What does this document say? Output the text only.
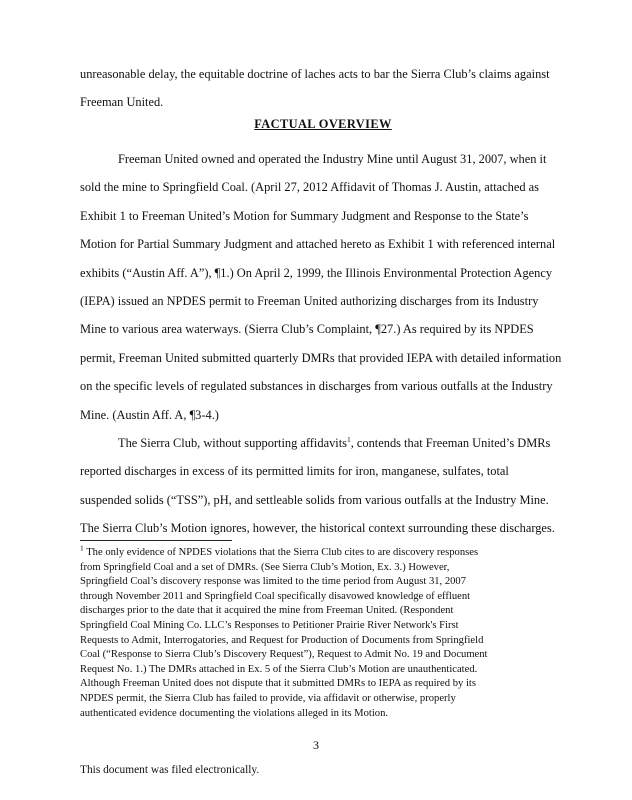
unreasonable delay, the equitable doctrine of laches acts to bar the Sierra Club’s claims against
Freeman United.
FACTUAL OVERVIEW
Freeman United owned and operated the Industry Mine until August 31, 2007, when it
sold the mine to Springfield Coal. (April 27, 2012 Affidavit of Thomas J. Austin, attached as
Exhibit 1 to Freeman United’s Motion for Summary Judgment and Response to the State’s
Motion for Partial Summary Judgment and attached hereto as Exhibit 1 with referenced internal
exhibits (“Austin Aff. A”), ¶1.) On April 2, 1999, the Illinois Environmental Protection Agency
(IEPA) issued an NPDES permit to Freeman United authorizing discharges from its Industry
Mine to various area waterways. (Sierra Club’s Complaint, ¶27.) As required by its NPDES
permit, Freeman United submitted quarterly DMRs that provided IEPA with detailed information
on the specific levels of regulated substances in discharges from various outfalls at the Industry
Mine. (Austin Aff. A, ¶3-4.)
The Sierra Club, without supporting affidavits$^1$, contends that Freeman United’s DMRs
reported discharges in excess of its permitted limits for iron, manganese, sulfates, total
suspended solids (“TSS”), pH, and settleable solids from various outfalls at the Industry Mine.
The Sierra Club’s Motion ignores, however, the historical context surrounding these discharges.
$^1$ The only evidence of NPDES violations that the Sierra Club cites to are discovery responses
from Springfield Coal and a set of DMRs. (See Sierra Club’s Motion, Ex. 3.) However,
Springfield Coal’s discovery response was limited to the time period from August 31, 2007
through November 2011 and Springfield Coal specifically disavowed knowledge of effluent
discharges prior to the date that it acquired the mine from Freeman United. (Respondent
Springfield Coal Mining Co. LLC’s Responses to Petitioner Prairie River Network's First
Requests to Admit, Interrogatories, and Request for Production of Documents from Springfield
Coal (“Response to Sierra Club’s Discovery Request”), Request to Admit No. 19 and Document
Request No. 1.) The DMRs attached in Ex. 5 of the Sierra Club’s Motion are unauthenticated.
Although Freeman United does not dispute that it submitted DMRs to IEPA as required by its
NPDES permit, the Sierra Club has failed to provide, via affidavit or otherwise, properly
authenticated evidence documenting the violations alleged in its Motion.
3
This document was filed electronically.
